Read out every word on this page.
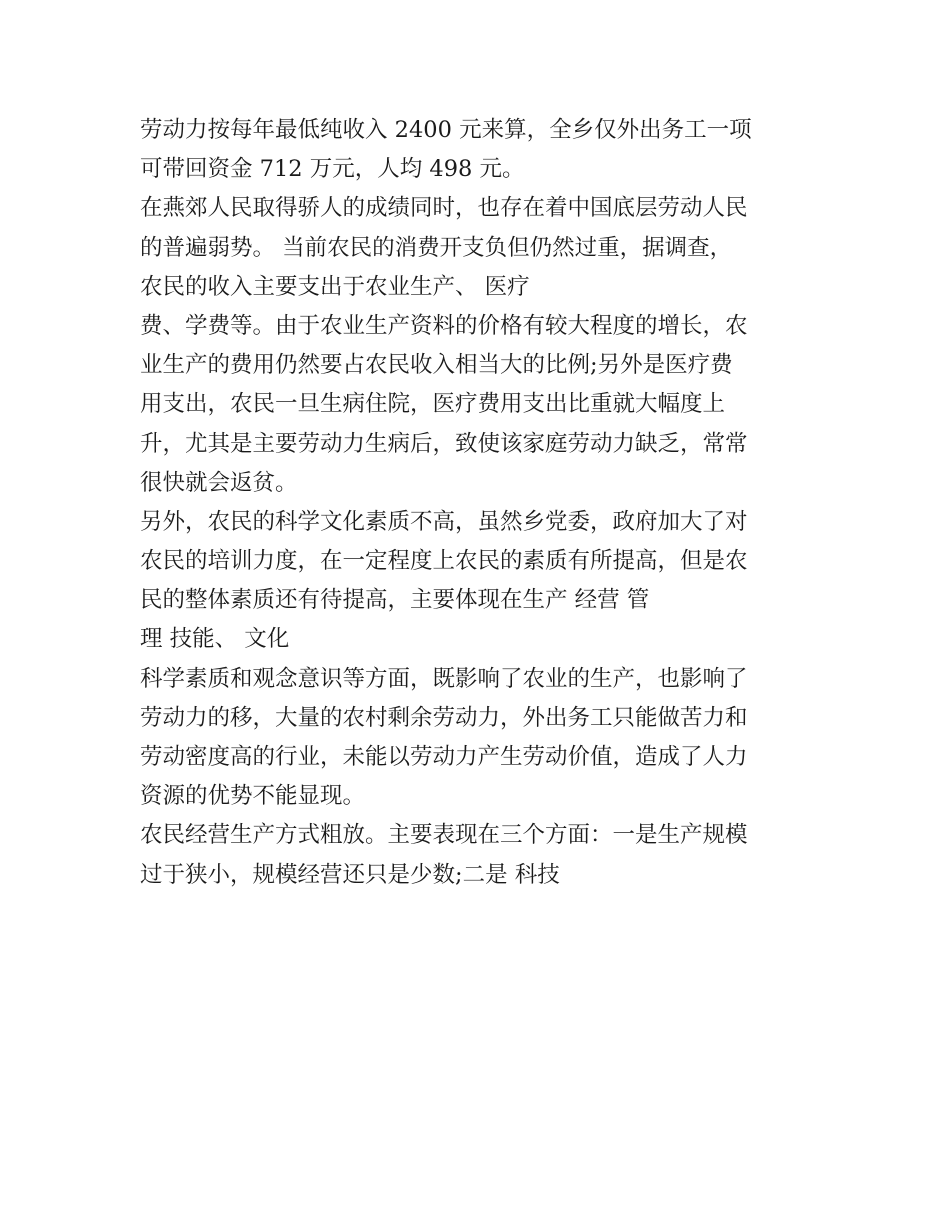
劳动力按每年最低纯收入 2400 元来算，全乡仅外出务工一项
可带回资金 712 万元，人均 498 元。
在燕郊人民取得骄人的成绩同时，也存在着中国底层劳动人民
的普遍弱势。 当前农民的消费开支负但仍然过重，据调查，
农民的收入主要支出于农业生产、 医疗
费、学费等。由于农业生产资料的价格有较大程度的增长，农
业生产的费用仍然要占农民收入相当大的比例;另外是医疗费
用支出，农民一旦生病住院，医疗费用支出比重就大幅度上
升，尤其是主要劳动力生病后，致使该家庭劳动力缺乏，常常
很快就会返贫。
另外，农民的科学文化素质不高，虽然乡党委，政府加大了对
农民的培训力度，在一定程度上农民的素质有所提高，但是农
民的整体素质还有待提高，主要体现在生产 经营 管
理 技能、 文化
科学素质和观念意识等方面，既影响了农业的生产，也影响了
劳动力的移，大量的农村剩余劳动力，外出务工只能做苦力和
劳动密度高的行业，未能以劳动力产生劳动价值，造成了人力
资源的优势不能显现。
农民经营生产方式粗放。主要表现在三个方面：一是生产规模
过于狭小，规模经营还只是少数;二是 科技
